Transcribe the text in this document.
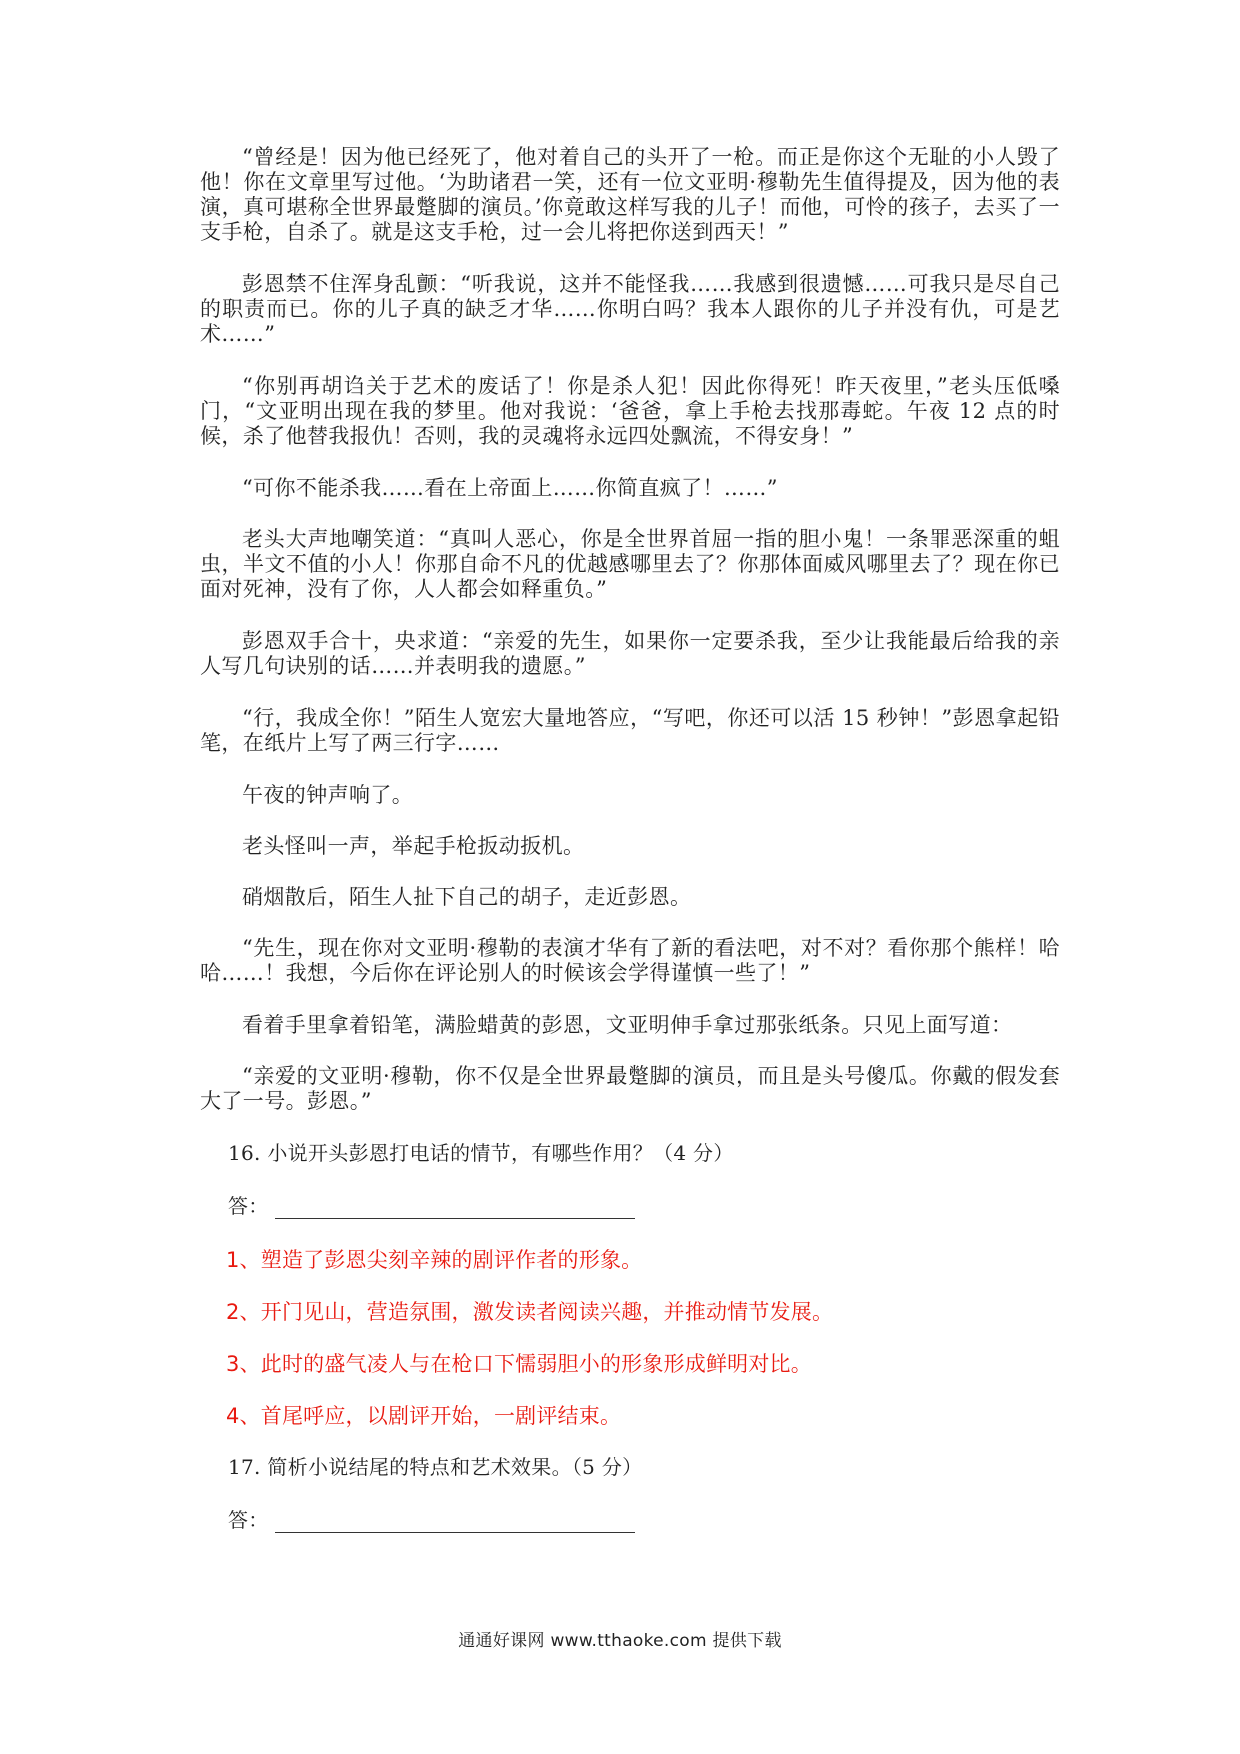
“曾经是！因为他已经死了，他对着自己的头开了一枪。而正是你这个无耻的小人毁了他！你在文章里写过他。‘为助诸君一笑，还有一位文亚明·穆勒先生值得提及，因为他的表演，真可堪称全世界最蹩脚的演员。’你竟敢这样写我的儿子！而他，可怜的孩子，去买了一支手枪，自杀了。就是这支手枪，过一会儿将把你送到西天！”

彭恩禁不住浑身乱颤：“听我说，这并不能怪我……我感到很遗憾……可我只是尽自己的职责而已。你的儿子真的缺乏才华……你明白吗？我本人跟你的儿子并没有仇，可是艺术……”

“你别再胡诌关于艺术的废话了！你是杀人犯！因此你得死！昨天夜里，”老头压低嗓门，“文亚明出现在我的梦里。他对我说：‘爸爸，拿上手枪去找那毒蛇。午夜 12 点的时候，杀了他替我报仇！否则，我的灵魂将永远四处飘流，不得安身！”

“可你不能杀我……看在上帝面上……你简直疯了！……”

老头大声地嘲笑道：“真叫人恶心，你是全世界首屈一指的胆小鬼！一条罪恶深重的蛆虫，半文不值的小人！你那自命不凡的优越感哪里去了？你那体面威风哪里去了？现在你已面对死神，没有了你，人人都会如释重负。”

彭恩双手合十，央求道：“亲爱的先生，如果你一定要杀我，至少让我能最后给我的亲人写几句诀别的话……并表明我的遗愿。”

“行，我成全你！”陌生人宽宏大量地答应，“写吧，你还可以活 15 秒钟！”彭恩拿起铅笔，在纸片上写了两三行字……

午夜的钟声响了。

老头怪叫一声，举起手枪扳动扳机。

硝烟散后，陌生人扯下自己的胡子，走近彭恩。

“先生，现在你对文亚明·穆勒的表演才华有了新的看法吧，对不对？看你那个熊样！哈哈……！我想，今后你在评论别人的时候该会学得谨慎一些了！”

看着手里拿着铅笔，满脸蜡黄的彭恩，文亚明伸手拿过那张纸条。只见上面写道：

“亲爱的文亚明·穆勒，你不仅是全世界最蹩脚的演员，而且是头号傻瓜。你戴的假发套大了一号。彭恩。”

16. 小说开头彭恩打电话的情节，有哪些作用？（4 分）

答：

1、塑造了彭恩尖刻辛辣的剧评作者的形象。

2、开门见山，营造氛围，激发读者阅读兴趣，并推动情节发展。

3、此时的盛气凌人与在枪口下懦弱胆小的形象形成鲜明对比。

4、首尾呼应，以剧评开始，一剧评结束。

17. 简析小说结尾的特点和艺术效果。（5 分）

答：
通通好课网 www.tthaoke.com 提供下载
